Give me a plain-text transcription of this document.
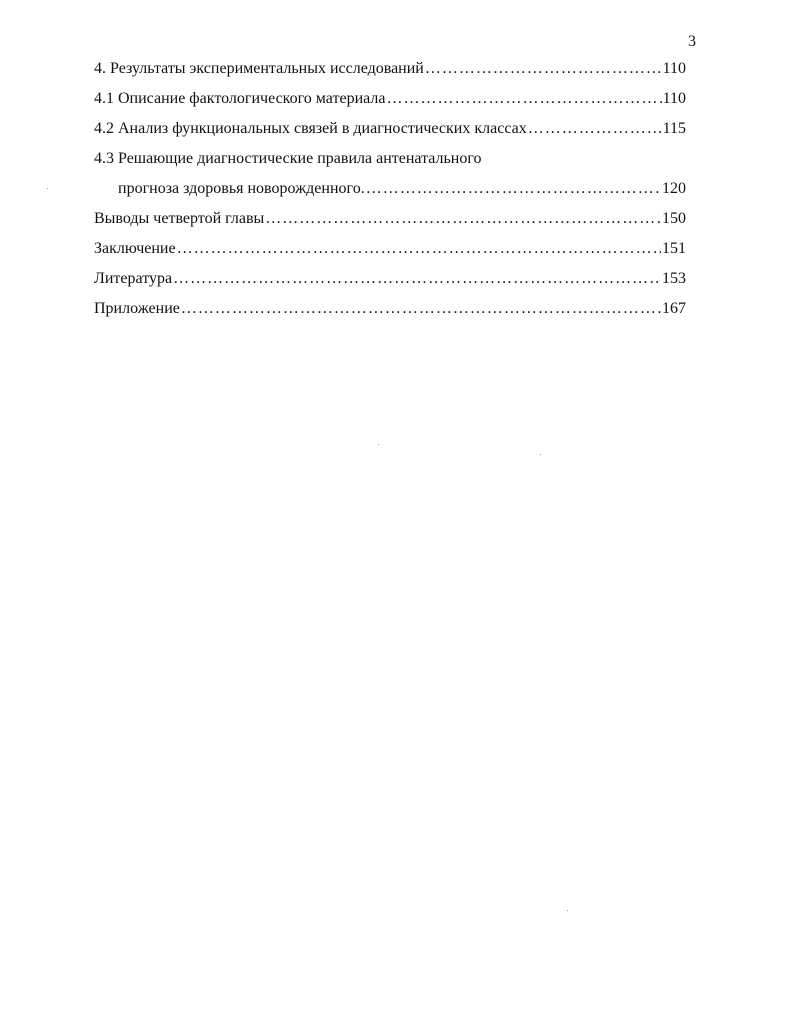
3
4. Результаты экспериментальных исследований ………………………………………………………………………………………………………………………………………………………………………………	110
4.1 Описание фактологического материала ………………………………………………………………………………………………………………………………………………………………………………	110
4.2 Анализ функциональных связей в диагностических классах ………………………………………………………………………………………………………………………………………………………………………………	115
4.3 Решающие диагностические правила антенатального
прогноза здоровья новорожденного. ………………………………………………………………………………………………………………………………………………………………………………	120
Выводы четвертой главы ………………………………………………………………………………………………………………………………………………………………………………	150
Заключение ………………………………………………………………………………………………………………………………………………………………………………	151
Литература ………………………………………………………………………………………………………………………………………………………………………………	153
Приложение ………………………………………………………………………………………………………………………………………………………………………………	167
